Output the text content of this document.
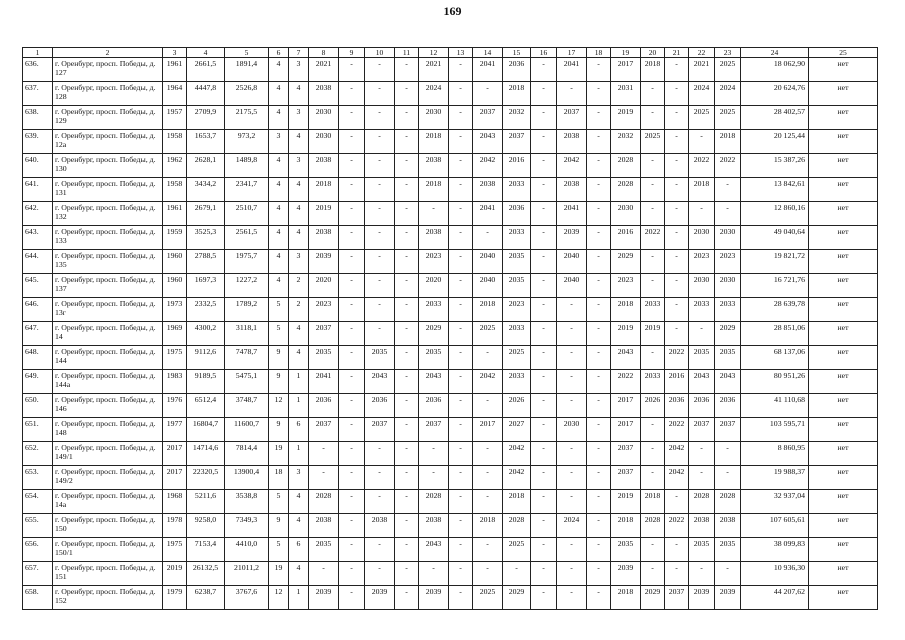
169
1	2	3	4	5	6	7	8	9	10	11	12	13	14	15	16	17	18	19	20	21	22	23	24	25
636.	г. Оренбург, просп. Победы, д. 127	1961	2661,5	1891,4	4	3	2021	-	-	-	2021	-	2041	2036	-	2041	-	2017	2018	-	2021	2025	18 062,90	нет
637.	г. Оренбург, просп. Победы, д. 128	1964	4447,8	2526,8	4	4	2038	-	-	-	2024	-	-	2018	-	-	-	2031	-	-	2024	2024	20 624,76	нет
638.	г. Оренбург, просп. Победы, д. 129	1957	2709,9	2175,5	4	3	2030	-	-	-	2030	-	2037	2032	-	2037	-	2019	-	-	2025	2025	28 402,57	нет
639.	г. Оренбург, просп. Победы, д. 12а	1958	1653,7	973,2	3	4	2030	-	-	-	2018	-	2043	2037	-	2038	-	2032	2025	-	-	2018	20 125,44	нет
640.	г. Оренбург, просп. Победы, д. 130	1962	2628,1	1489,8	4	3	2038	-	-	-	2038	-	2042	2016	-	2042	-	2028	-	-	2022	2022	15 387,26	нет
641.	г. Оренбург, просп. Победы, д. 131	1958	3434,2	2341,7	4	4	2018	-	-	-	2018	-	2038	2033	-	2038	-	2028	-	-	2018	-	13 842,61	нет
642.	г. Оренбург, просп. Победы, д. 132	1961	2679,1	2510,7	4	4	2019	-	-	-	-	-	2041	2036	-	2041	-	2030	-	-	-	-	12 860,16	нет
643.	г. Оренбург, просп. Победы, д. 133	1959	3525,3	2561,5	4	4	2038	-	-	-	2038	-	-	2033	-	2039	-	2016	2022	-	2030	2030	49 040,64	нет
644.	г. Оренбург, просп. Победы, д. 135	1960	2788,5	1975,7	4	3	2039	-	-	-	2023	-	2040	2035	-	2040	-	2029	-	-	2023	2023	19 821,72	нет
645.	г. Оренбург, просп. Победы, д. 137	1960	1697,3	1227,2	4	2	2020	-	-	-	2020	-	2040	2035	-	2040	-	2023	-	-	2030	2030	16 721,76	нет
646.	г. Оренбург, просп. Победы, д. 13г	1973	2332,5	1789,2	5	2	2023	-	-	-	2033	-	2018	2023	-	-	-	2018	2033	-	2033	2033	28 639,78	нет
647.	г. Оренбург, просп. Победы, д. 14	1969	4300,2	3118,1	5	4	2037	-	-	-	2029	-	2025	2033	-	-	-	2019	2019	-	-	2029	28 851,06	нет
648.	г. Оренбург, просп. Победы, д. 144	1975	9112,6	7478,7	9	4	2035	-	2035	-	2035	-	-	2025	-	-	-	2043	-	2022	2035	2035	68 137,06	нет
649.	г. Оренбург, просп. Победы, д. 144а	1983	9189,5	5475,1	9	1	2041	-	2043	-	2043	-	2042	2033	-	-	-	2022	2033	2016	2043	2043	80 951,26	нет
650.	г. Оренбург, просп. Победы, д. 146	1976	6512,4	3748,7	12	1	2036	-	2036	-	2036	-	-	2026	-	-	-	2017	2026	2036	2036	2036	41 110,68	нет
651.	г. Оренбург, просп. Победы, д. 148	1977	16804,7	11600,7	9	6	2037	-	2037	-	2037	-	2017	2027	-	2030	-	2017	-	2022	2037	2037	103 595,71	нет
652.	г. Оренбург, просп. Победы, д. 149/1	2017	14714,6	7814,4	19	1	-	-	-	-	-	-	-	2042	-	-	-	2037	-	2042	-	-	8 860,95	нет
653.	г. Оренбург, просп. Победы, д. 149/2	2017	22320,5	13900,4	18	3	-	-	-	-	-	-	-	2042	-	-	-	2037	-	2042	-	-	19 988,37	нет
654.	г. Оренбург, просп. Победы, д. 14а	1968	5211,6	3538,8	5	4	2028	-	-	-	2028	-	-	2018	-	-	-	2019	2018	-	2028	2028	32 937,04	нет
655.	г. Оренбург, просп. Победы, д. 150	1978	9258,0	7349,3	9	4	2038	-	2038	-	2038	-	2018	2028	-	2024	-	2018	2028	2022	2038	2038	107 605,61	нет
656.	г. Оренбург, просп. Победы, д. 150/1	1975	7153,4	4410,0	5	6	2035	-	-	-	2043	-	-	2025	-	-	-	2035	-	-	2035	2035	38 099,83	нет
657.	г. Оренбург, просп. Победы, д. 151	2019	26132,5	21011,2	19	4	-	-	-	-	-	-	-	-	-	-	-	2039	-	-	-	-	10 936,30	нет
658.	г. Оренбург, просп. Победы, д. 152	1979	6238,7	3767,6	12	1	2039	-	2039	-	2039	-	2025	2029	-	-	-	2018	2029	2037	2039	2039	44 207,62	нет
